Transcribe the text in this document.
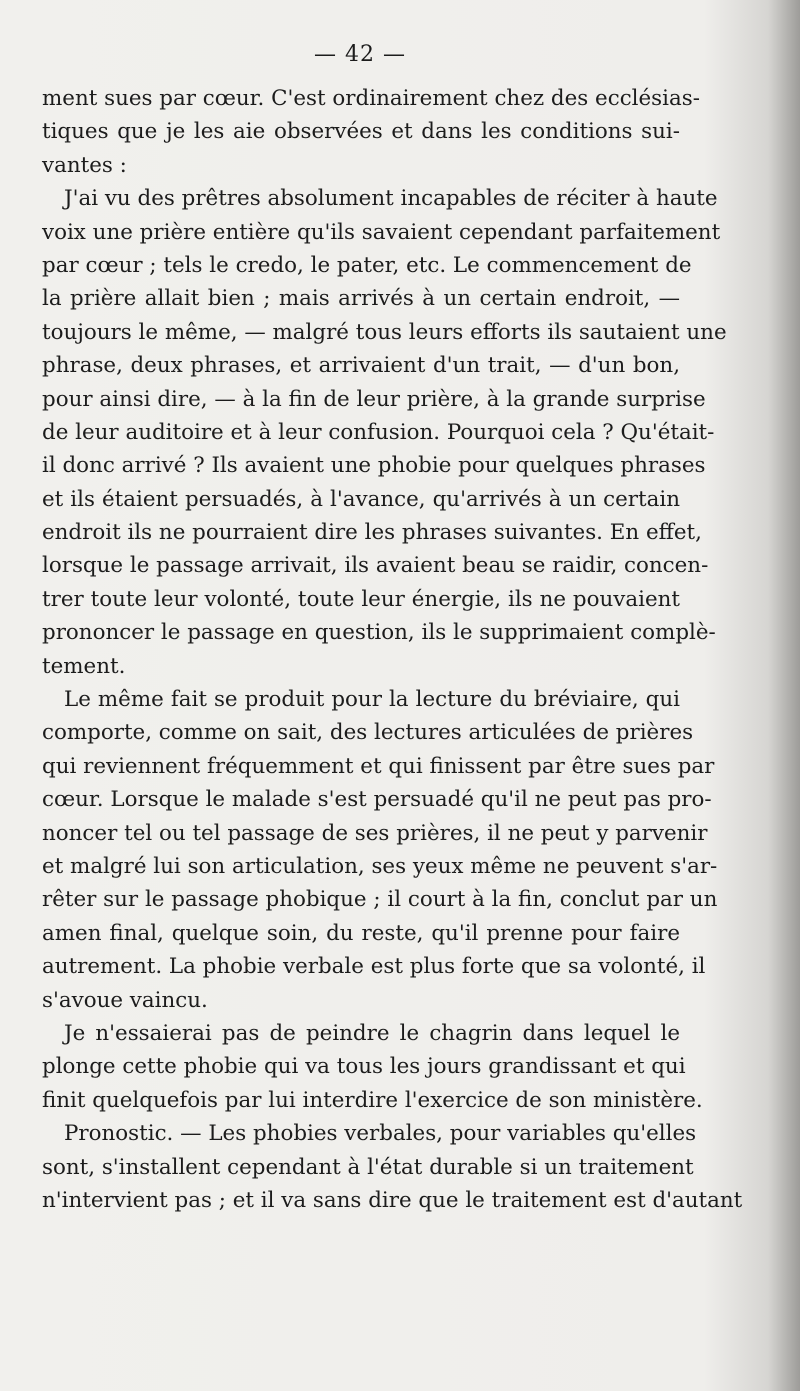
— 42 —
ment sues par cœur. C'est ordinairement chez des ecclésias-
tiques que je les aie observées et dans les conditions sui-
vantes :
J'ai vu des prêtres absolument incapables de réciter à haute
voix une prière entière qu'ils savaient cependant parfaitement
par cœur ; tels le credo, le pater, etc. Le commencement de
la prière allait bien ; mais arrivés à un certain endroit, —
toujours le même, — malgré tous leurs efforts ils sautaient une
phrase, deux phrases, et arrivaient d'un trait, — d'un bon,
pour ainsi dire, — à la fin de leur prière, à la grande surprise
de leur auditoire et à leur confusion. Pourquoi cela ? Qu'était-
il donc arrivé ? Ils avaient une phobie pour quelques phrases
et ils étaient persuadés, à l'avance, qu'arrivés à un certain
endroit ils ne pourraient dire les phrases suivantes. En effet,
lorsque le passage arrivait, ils avaient beau se raidir, concen-
trer toute leur volonté, toute leur énergie, ils ne pouvaient
prononcer le passage en question, ils le supprimaient complè-
tement.
Le même fait se produit pour la lecture du bréviaire, qui
comporte, comme on sait, des lectures articulées de prières
qui reviennent fréquemment et qui finissent par être sues par
cœur. Lorsque le malade s'est persuadé qu'il ne peut pas pro-
noncer tel ou tel passage de ses prières, il ne peut y parvenir
et malgré lui son articulation, ses yeux même ne peuvent s'ar-
rêter sur le passage phobique ; il court à la fin, conclut par un
amen final, quelque soin, du reste, qu'il prenne pour faire
autrement. La phobie verbale est plus forte que sa volonté, il
s'avoue vaincu.
Je n'essaierai pas de peindre le chagrin dans lequel le
plonge cette phobie qui va tous les jours grandissant et qui
finit quelquefois par lui interdire l'exercice de son ministère.
Pronostic. — Les phobies verbales, pour variables qu'elles
sont, s'installent cependant à l'état durable si un traitement
n'intervient pas ; et il va sans dire que le traitement est d'autant
